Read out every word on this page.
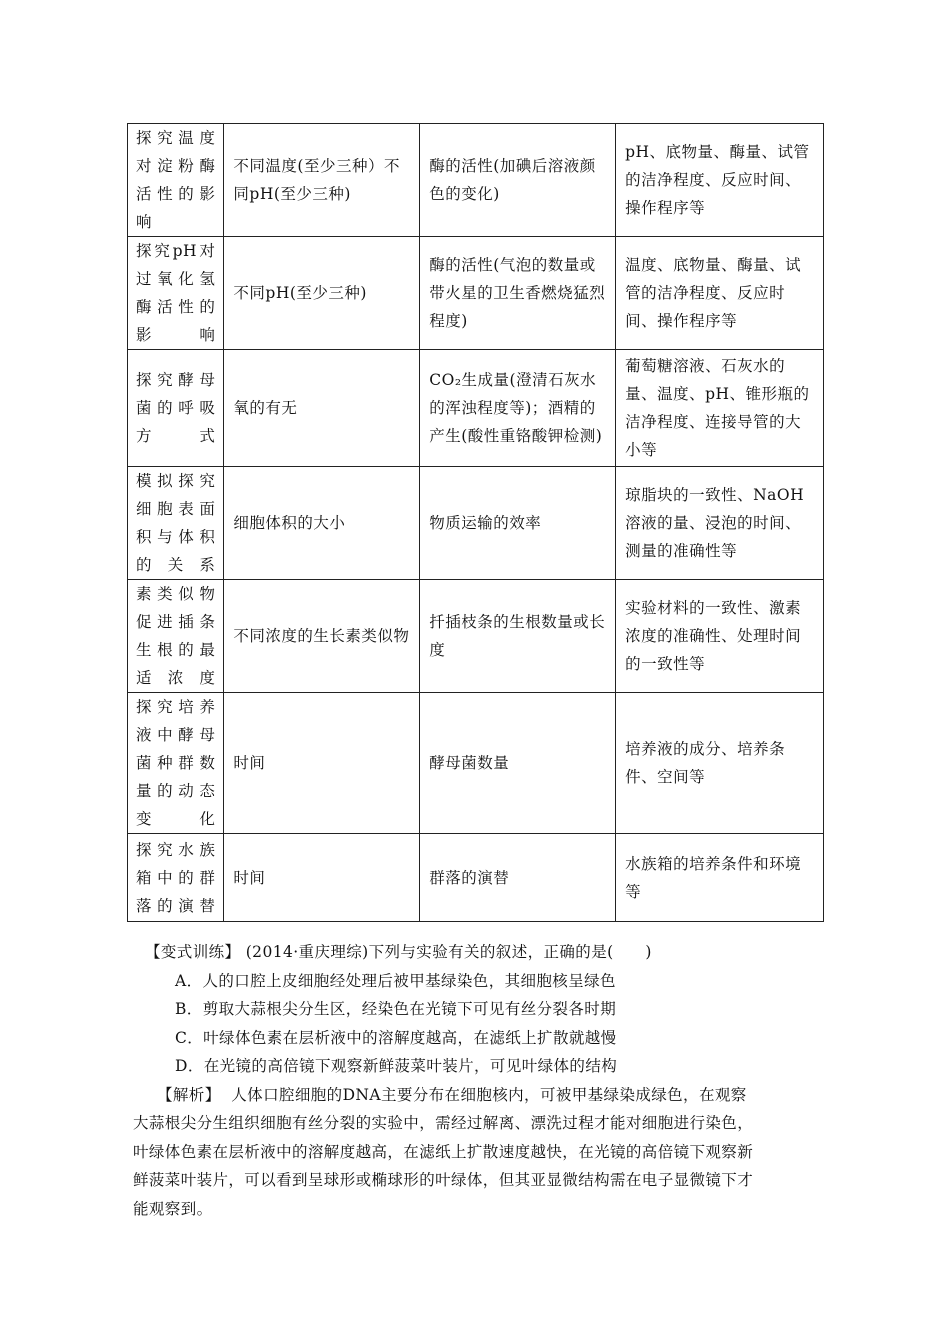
探究温度对淀粉酶活性的影响	不同温度(至少三种）不同pH(至少三种)	酶的活性(加碘后溶液颜色的变化)	pH、底物量、酶量、试管的洁净程度、反应时间、操作程序等

探究pH对过氧化氢酶活性的影响	不同pH(至少三种)	酶的活性(气泡的数量或带火星的卫生香燃烧猛烈程度)	温度、底物量、酶量、试管的洁净程度、反应时间、操作程序等

探究酵母菌的呼吸方式	氧的有无	CO₂生成量(澄清石灰水的浑浊程度等)；酒精的产生(酸性重铬酸钾检测)	葡萄糖溶液、石灰水的量、温度、pH、锥形瓶的洁净程度、连接导管的大小等

模拟探究细胞表面积与体积的关系	细胞体积的大小	物质运输的效率	琼脂块的一致性、NaOH溶液的量、浸泡的时间、测量的准确性等

素类似物促进插条生根的最适浓度	不同浓度的生长素类似物	扦插枝条的生根数量或长度	实验材料的一致性、激素浓度的准确性、处理时间的一致性等

探究培养液中酵母菌种群数量的动态变化	时间	酵母菌数量	培养液的成分、培养条件、空间等

探究水族箱中的群落的演替	时间	群落的演替	水族箱的培养条件和环境等
【变式训练】 (2014·重庆理综)下列与实验有关的叙述，正确的是(　　)
A．人的口腔上皮细胞经处理后被甲基绿染色，其细胞核呈绿色
B．剪取大蒜根尖分生区，经染色在光镜下可见有丝分裂各时期
C．叶绿体色素在层析液中的溶解度越高，在滤纸上扩散就越慢
D．在光镜的高倍镜下观察新鲜菠菜叶装片，可见叶绿体的结构
【解析】  人体口腔细胞的DNA主要分布在细胞核内，可被甲基绿染成绿色，在观察
大蒜根尖分生组织细胞有丝分裂的实验中，需经过解离、漂洗过程才能对细胞进行染色，
叶绿体色素在层析液中的溶解度越高，在滤纸上扩散速度越快，在光镜的高倍镜下观察新
鲜菠菜叶装片，可以看到呈球形或椭球形的叶绿体，但其亚显微结构需在电子显微镜下才
能观察到。
